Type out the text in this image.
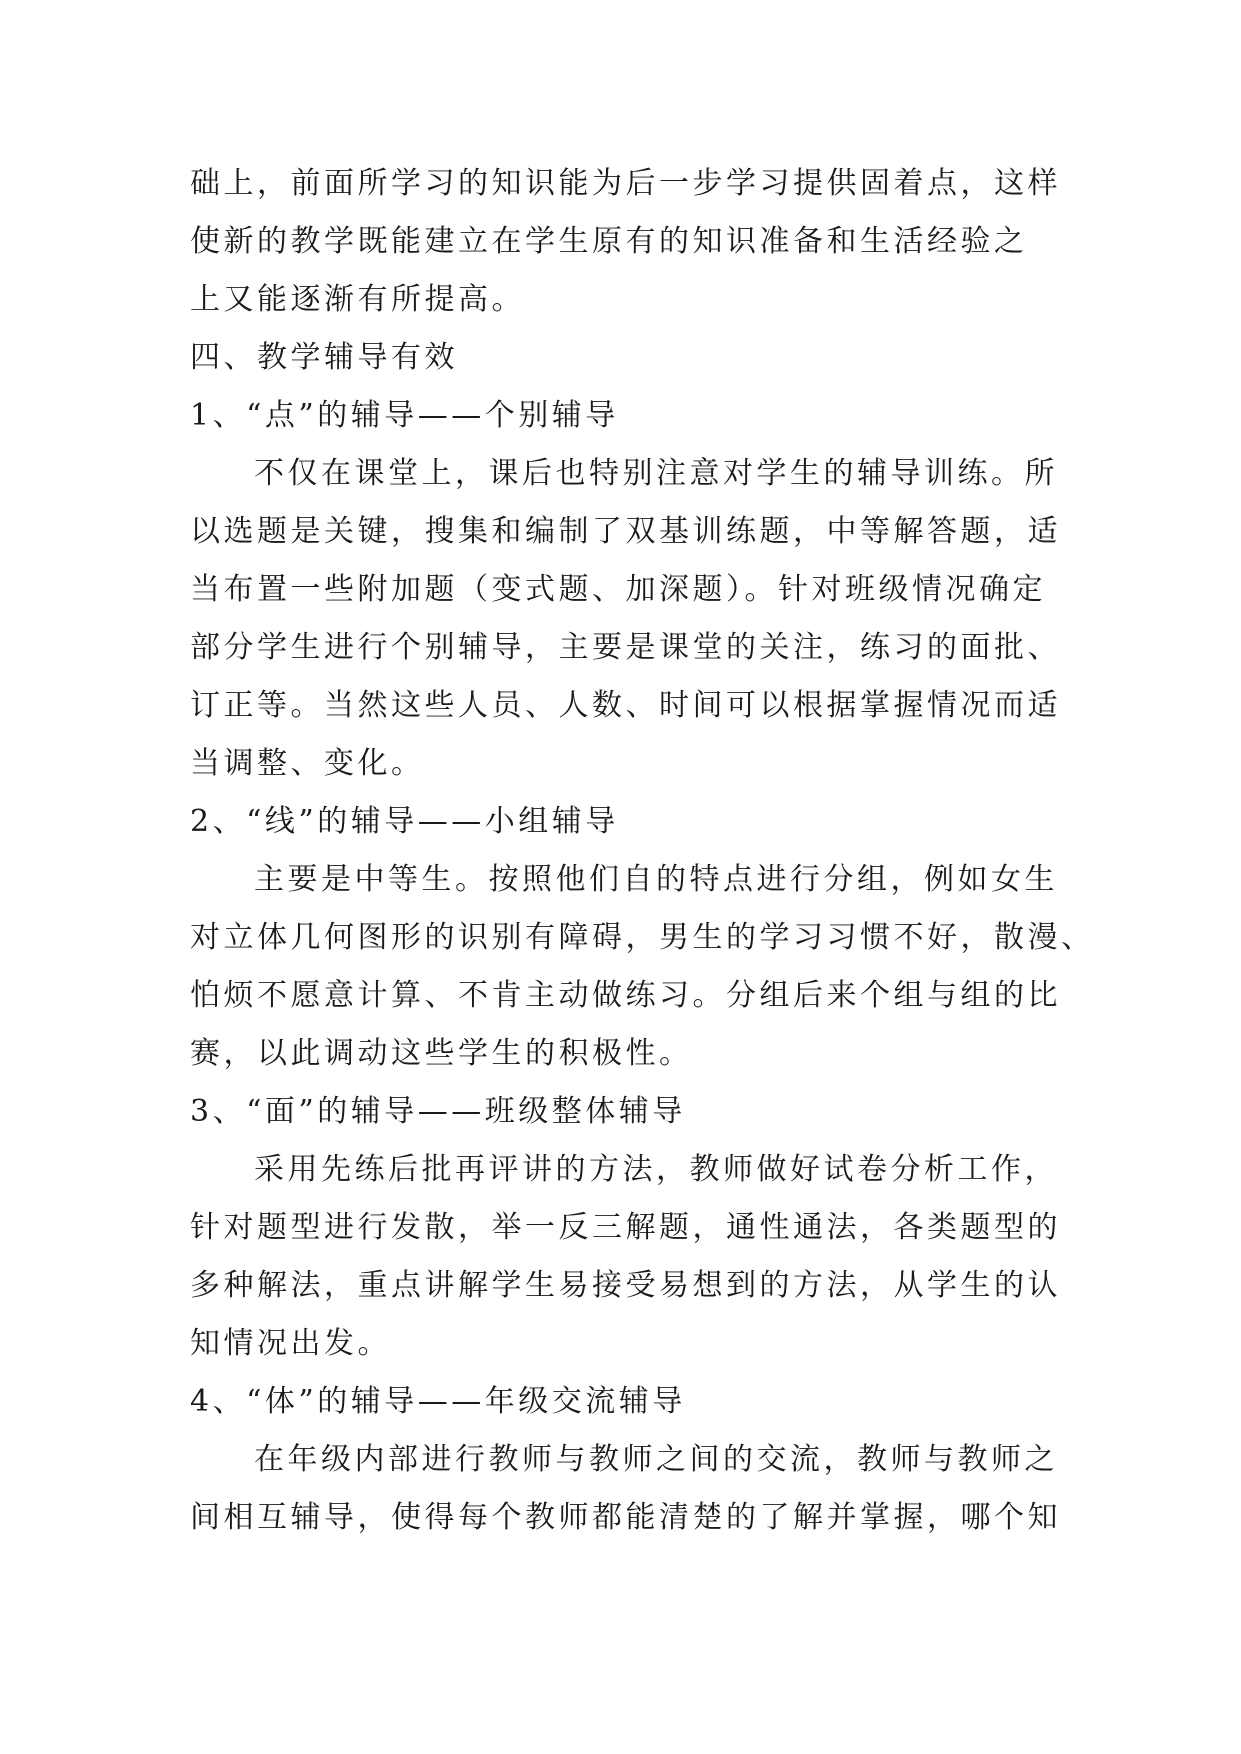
础上，前面所学习的知识能为后一步学习提供固着点，这样
使新的教学既能建立在学生原有的知识准备和生活经验之
上又能逐渐有所提高。

四、教学辅导有效

1、“点”的辅导——个别辅导

不仅在课堂上，课后也特别注意对学生的辅导训练。所
以选题是关键，搜集和编制了双基训练题，中等解答题，适
当布置一些附加题（变式题、加深题）。针对班级情况确定
部分学生进行个别辅导，主要是课堂的关注，练习的面批、
订正等。当然这些人员、人数、时间可以根据掌握情况而适
当调整、变化。

2、“线”的辅导——小组辅导

主要是中等生。按照他们自的特点进行分组，例如女生
对立体几何图形的识别有障碍，男生的学习习惯不好，散漫、
怕烦不愿意计算、不肯主动做练习。分组后来个组与组的比
赛，以此调动这些学生的积极性。

3、“面”的辅导——班级整体辅导

采用先练后批再评讲的方法，教师做好试卷分析工作，
针对题型进行发散，举一反三解题，通性通法，各类题型的
多种解法，重点讲解学生易接受易想到的方法，从学生的认
知情况出发。

4、“体”的辅导——年级交流辅导

在年级内部进行教师与教师之间的交流，教师与教师之
间相互辅导，使得每个教师都能清楚的了解并掌握，哪个知
